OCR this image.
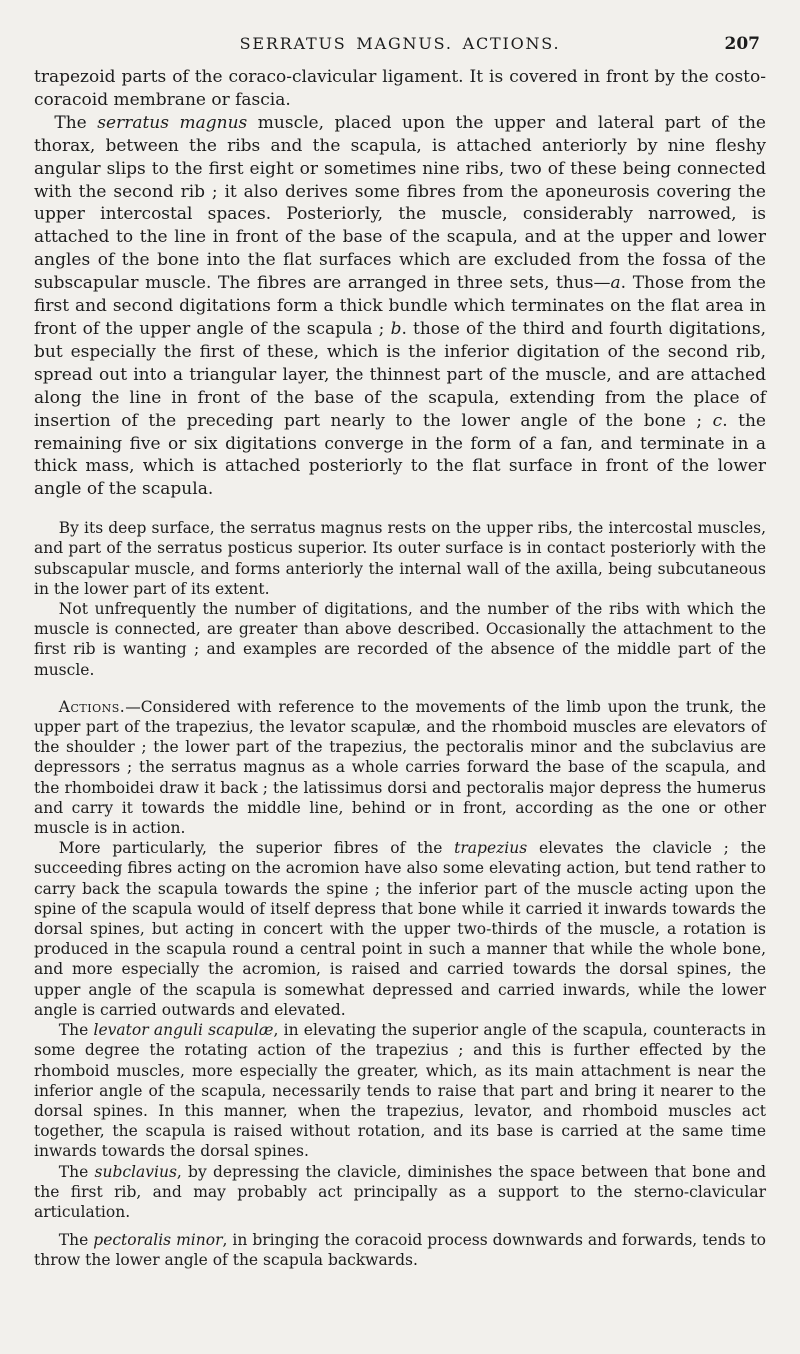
SERRATUS MAGNUS. ACTIONS.	207

trapezoid parts of the coraco-clavicular ligament. It is covered in front by the costo-coracoid membrane or fascia.

The serratus magnus muscle, placed upon the upper and lateral part of the thorax, between the ribs and the scapula, is attached anteriorly by nine fleshy angular slips to the first eight or sometimes nine ribs, two of these being connected with the second rib ; it also derives some fibres from the aponeurosis covering the upper intercostal spaces. Posteriorly, the muscle, considerably narrowed, is attached to the line in front of the base of the scapula, and at the upper and lower angles of the bone into the flat surfaces which are excluded from the fossa of the subscapular muscle. The fibres are arranged in three sets, thus—a. Those from the first and second digitations form a thick bundle which terminates on the flat area in front of the upper angle of the scapula ; b. those of the third and fourth digitations, but especially the first of these, which is the inferior digitation of the second rib, spread out into a triangular layer, the thinnest part of the muscle, and are attached along the line in front of the base of the scapula, extending from the place of insertion of the preceding part nearly to the lower angle of the bone ; c. the remaining five or six digitations converge in the form of a fan, and terminate in a thick mass, which is attached posteriorly to the flat surface in front of the lower angle of the scapula.

By its deep surface, the serratus magnus rests on the upper ribs, the intercostal muscles, and part of the serratus posticus superior. Its outer surface is in contact posteriorly with the subscapular muscle, and forms anteriorly the internal wall of the axilla, being subcutaneous in the lower part of its extent.

Not unfrequently the number of digitations, and the number of the ribs with which the muscle is connected, are greater than above described. Occasionally the attachment to the first rib is wanting ; and examples are recorded of the absence of the middle part of the muscle.

Actions.—Considered with reference to the movements of the limb upon the trunk, the upper part of the trapezius, the levator scapulæ, and the rhomboid muscles are elevators of the shoulder ; the lower part of the trapezius, the pectoralis minor and the subclavius are depressors ; the serratus magnus as a whole carries forward the base of the scapula, and the rhomboidei draw it back ; the latissimus dorsi and pectoralis major depress the humerus and carry it towards the middle line, behind or in front, according as the one or other muscle is in action.

More particularly, the superior fibres of the trapezius elevates the clavicle ; the succeeding fibres acting on the acromion have also some elevating action, but tend rather to carry back the scapula towards the spine ; the inferior part of the muscle acting upon the spine of the scapula would of itself depress that bone while it carried it inwards towards the dorsal spines, but acting in concert with the upper two-thirds of the muscle, a rotation is produced in the scapula round a central point in such a manner that while the whole bone, and more especially the acromion, is raised and carried towards the dorsal spines, the upper angle of the scapula is somewhat depressed and carried inwards, while the lower angle is carried outwards and elevated.

The levator anguli scapulæ, in elevating the superior angle of the scapula, counteracts in some degree the rotating action of the trapezius ; and this is further effected by the rhomboid muscles, more especially the greater, which, as its main attachment is near the inferior angle of the scapula, necessarily tends to raise that part and bring it nearer to the dorsal spines. In this manner, when the trapezius, levator, and rhomboid muscles act together, the scapula is raised without rotation, and its base is carried at the same time inwards towards the dorsal spines.

The subclavius, by depressing the clavicle, diminishes the space between that bone and the first rib, and may probably act principally as a support to the sterno-clavicular articulation.

The pectoralis minor, in bringing the coracoid process downwards and forwards, tends to throw the lower angle of the scapula backwards.
